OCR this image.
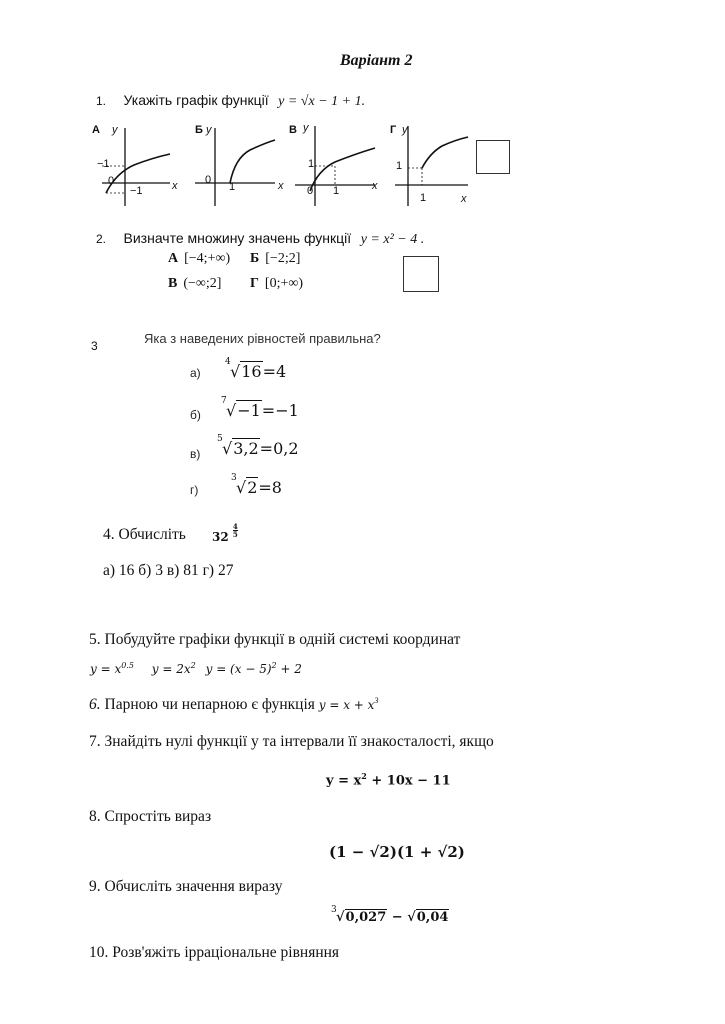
Варіант 2
1. Укажіть графік функції y = √x − 1 + 1.
А y
x
−1
−1
0
Б y
x
0
1
В y
x
1
0 1
Г y
x
1
1
2. Визначте множину значень функції y = x² − 4 .
А [−4;+∞) Б [−2;2]
В (−∞;2] Г [0;+∞)
3	Яка з наведених рівностей правильна?
а)
4 √16=4
б)
7 √−1=−1
в)
5 √3,2=0,2
г)
3 √2=8
4. Обчисліть $32 \frac{4}{5}$
а) 16 б) 3 в) 81 г) 27
5. Побудуйте графіки функції в одній системі координат
$y = x^{0.5}$ $y = 2x^2$ $y = (x - 5)^2 + 2$
6. Парною чи непарною є функція $y = x + x^3$
7. Знайдіть нулі функції у та інтервали її знакосталості, якщо
$y = x^2 + 10x - 11$
8. Спростіть вираз
(1 − √2)(1 + √2)
9. Обчисліть значення виразу
3 √0,027 − √0,04
10. Розв'яжіть ірраціональне рівняння
